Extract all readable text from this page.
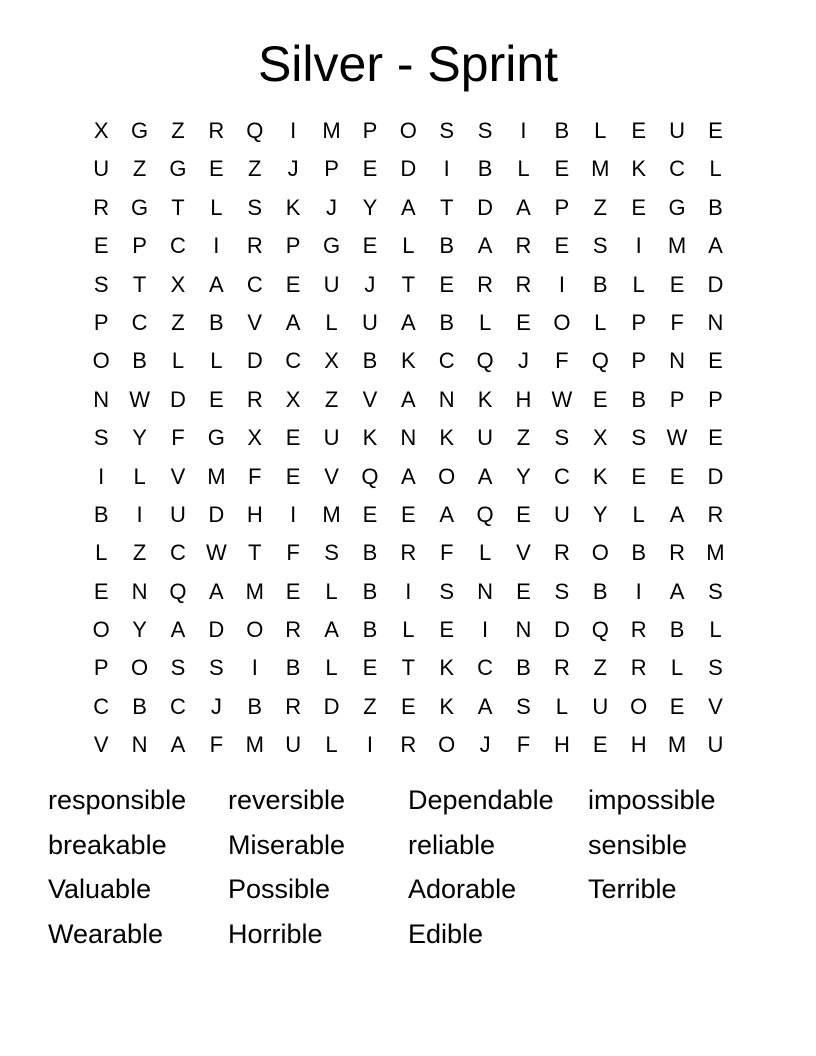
Silver - Sprint
X	G	Z	R Q	I	M P	O	S	S	I	B	L	E	U	E
U	Z	G	E	Z	J	P	E	D	I	B	L	E M K	C	L
R G	T	L	S	K	J	Y	A	T	D	A	P	Z	E	G	B
E	P	C	I	R	P	G	E	L	B	A	R	E	S	I	M A
S	T	X	A	C	E	U	J	T	E	R	R	I	B	L	E	D
P	C	Z	B	V	A	L	U	A	B	L	E	O	L	P	F	N
O	B	L	L	D	C	X	B	K	C Q	J	F	Q	P	N	E
N W D	E	R	X	Z	V	A	N	K	H W E	B	P	P
S	Y	F	G	X	E	U	K	N	K	U	Z	S	X	S W E
I	L	V M	F	E	V	Q	A	O	A	Y	C	K	E	E	D
B	I	U	D	H	I	M E	E	A	Q	E	U	Y	L	A	R
L	Z	C W T	F	S	B	R	F	L	V	R O	B	R M
E	N Q	A M E	L	B	I	S	N	E	S	B	I	A	S
O	Y	A	D O R	A	B	L	E	I	N	D Q R	B	L
P	O	S	S	I	B	L	E	T	K	C	B	R	Z	R	L	S
C	B	C	J	B	R	D	Z	E	K	A	S	L	U O	E	V
V	N	A	F	M U	L	I	R O	J	F	H	E	H M U
responsible	reversible	Dependable	impossible
breakable	Miserable	reliable	sensible
Valuable	Possible	Adorable	Terrible
Wearable	Horrible	Edible
